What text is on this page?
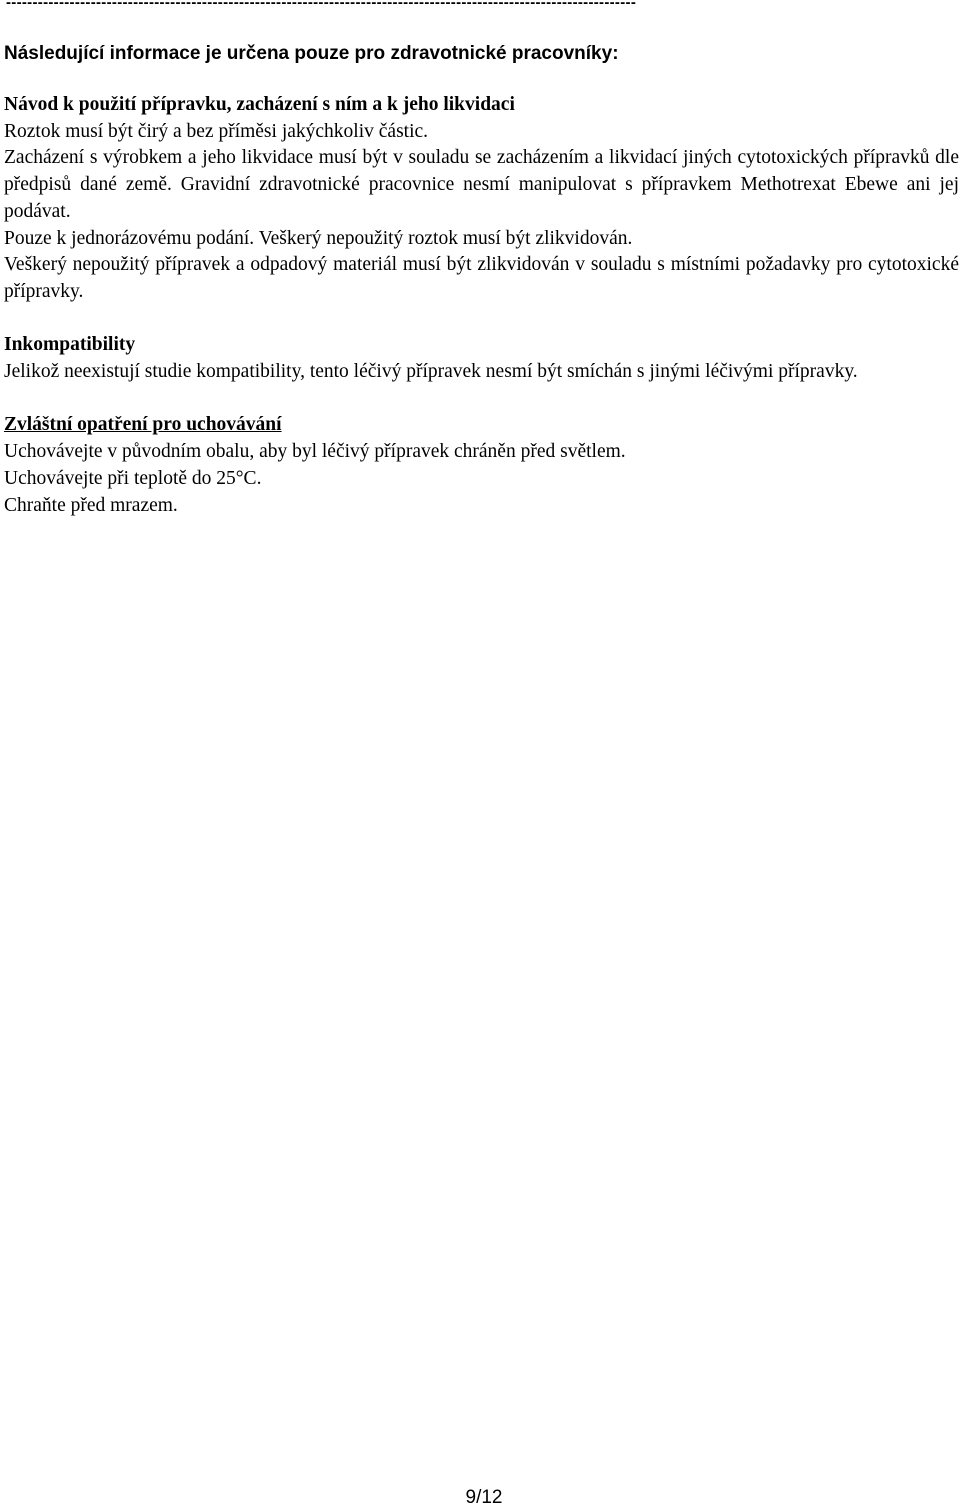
-----------------------------------------------------------------------------------------------------------------------
Následující informace je určena pouze pro zdravotnické pracovníky:

Návod k použití přípravku, zacházení s ním a k jeho likvidaci

Roztok musí být čirý a bez příměsi jakýchkoliv částic.

Zacházení s výrobkem a jeho likvidace musí být v souladu se zacházením a likvidací jiných cytotoxických přípravků dle předpisů dané země. Gravidní zdravotnické pracovnice nesmí manipulovat s přípravkem Methotrexat Ebewe ani jej podávat.

Pouze k jednorázovému podání. Veškerý nepoužitý roztok musí být zlikvidován.

Veškerý nepoužitý přípravek a odpadový materiál musí být zlikvidován v souladu s místními požadavky pro cytotoxické přípravky.

Inkompatibility

Jelikož neexistují studie kompatibility, tento léčivý přípravek nesmí být smíchán s jinými léčivými přípravky.

Zvláštní opatření pro uchovávání

Uchovávejte v původním obalu, aby byl léčivý přípravek chráněn před světlem.

Uchovávejte při teplotě do 25°C.

Chraňte před mrazem.

9/12
